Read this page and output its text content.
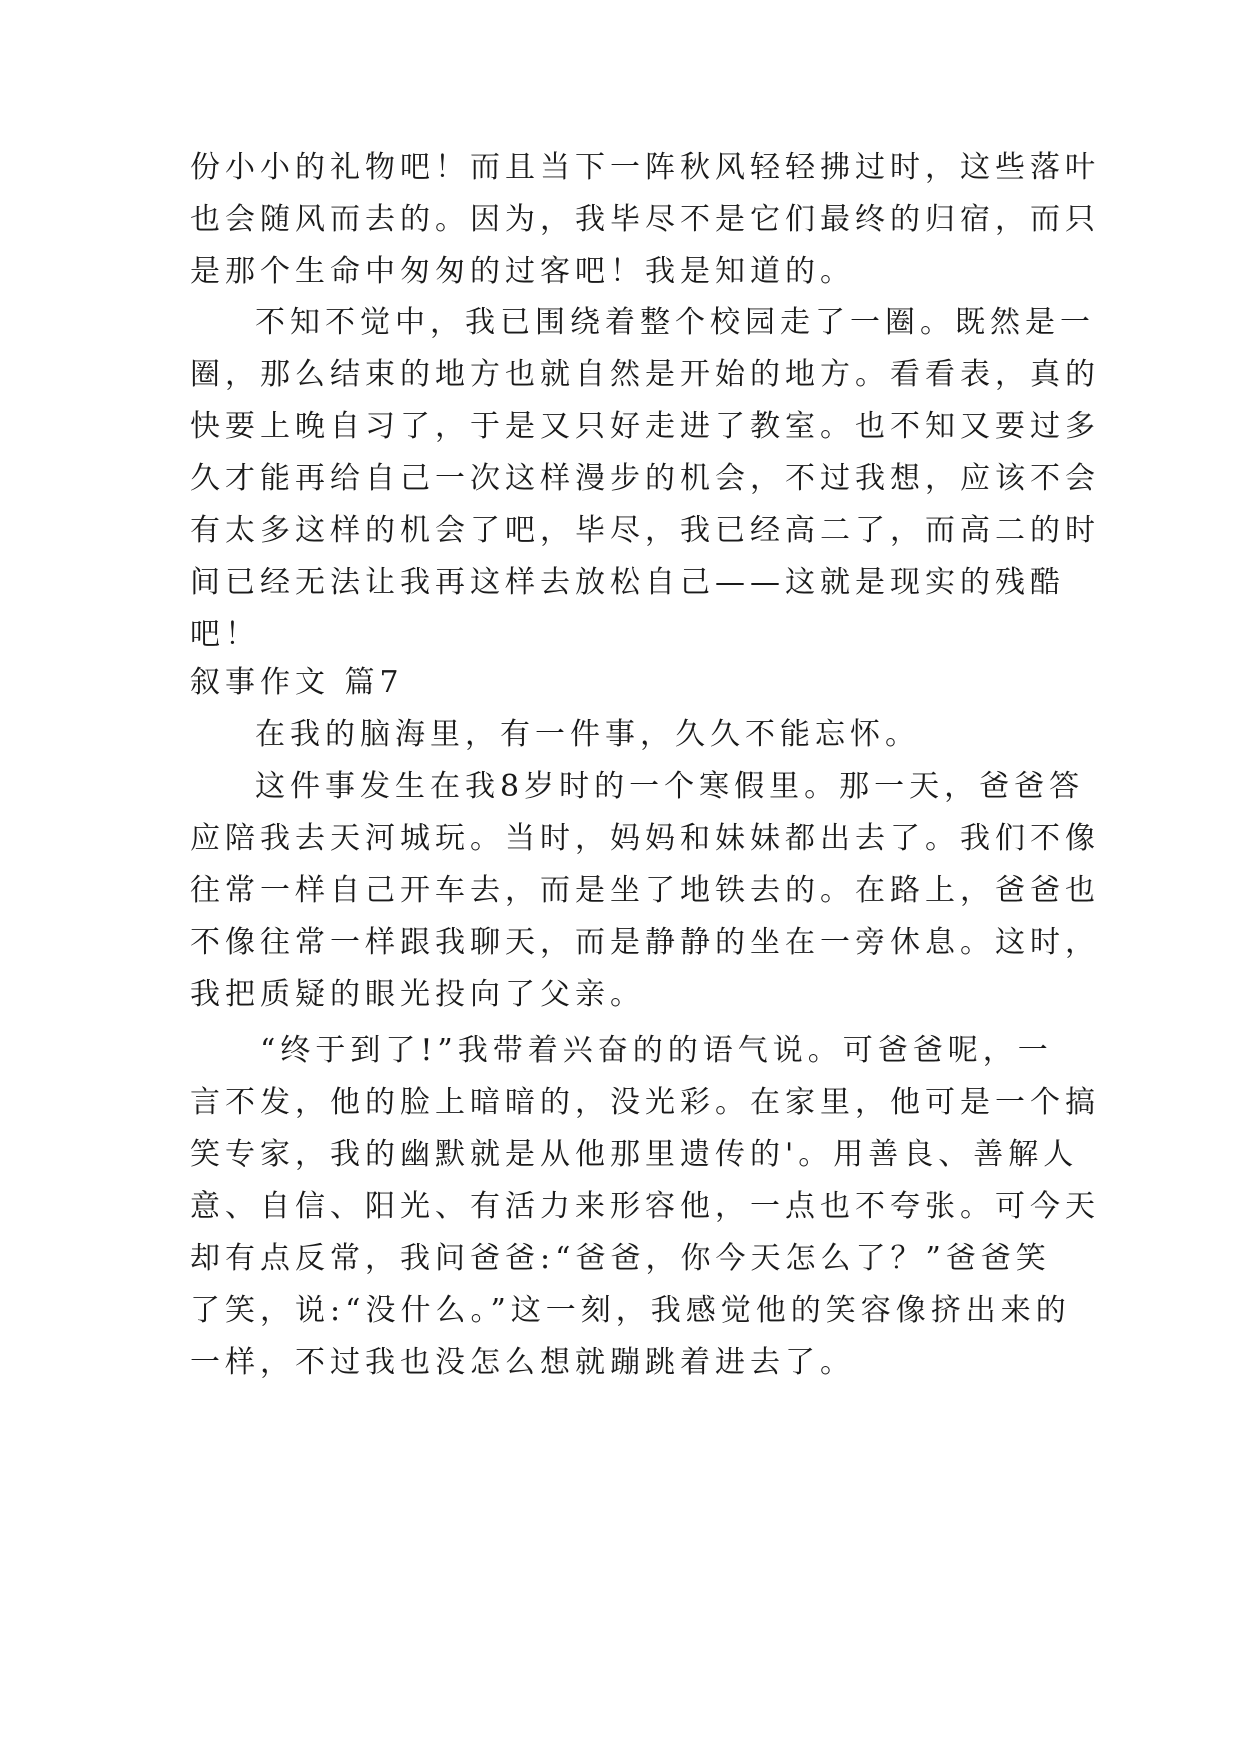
份小小的礼物吧！而且当下一阵秋风轻轻拂过时，这些落叶

也会随风而去的。因为，我毕尽不是它们最终的归宿，而只

是那个生命中匆匆的过客吧！我是知道的。

不知不觉中，我已围绕着整个校园走了一圈。既然是一

圈，那么结束的地方也就自然是开始的地方。看看表，真的

快要上晚自习了，于是又只好走进了教室。也不知又要过多

久才能再给自己一次这样漫步的机会，不过我想，应该不会

有太多这样的机会了吧，毕尽，我已经高二了，而高二的时

间已经无法让我再这样去放松自己——这就是现实的残酷

吧！

叙事作文 篇7

在我的脑海里，有一件事，久久不能忘怀。

这件事发生在我8岁时的一个寒假里。那一天，爸爸答

应陪我去天河城玩。当时，妈妈和妹妹都出去了。我们不像

往常一样自己开车去，而是坐了地铁去的。在路上，爸爸也

不像往常一样跟我聊天，而是静静的坐在一旁休息。这时，

我把质疑的眼光投向了父亲。

“终于到了!”我带着兴奋的的语气说。可爸爸呢，一

言不发，他的脸上暗暗的，没光彩。在家里，他可是一个搞

笑专家，我的幽默就是从他那里遗传的'。用善良、善解人

意、自信、阳光、有活力来形容他，一点也不夸张。可今天

却有点反常，我问爸爸:“爸爸，你今天怎么了？”爸爸笑

了笑，说:“没什么。”这一刻，我感觉他的笑容像挤出来的

一样，不过我也没怎么想就蹦跳着进去了。
